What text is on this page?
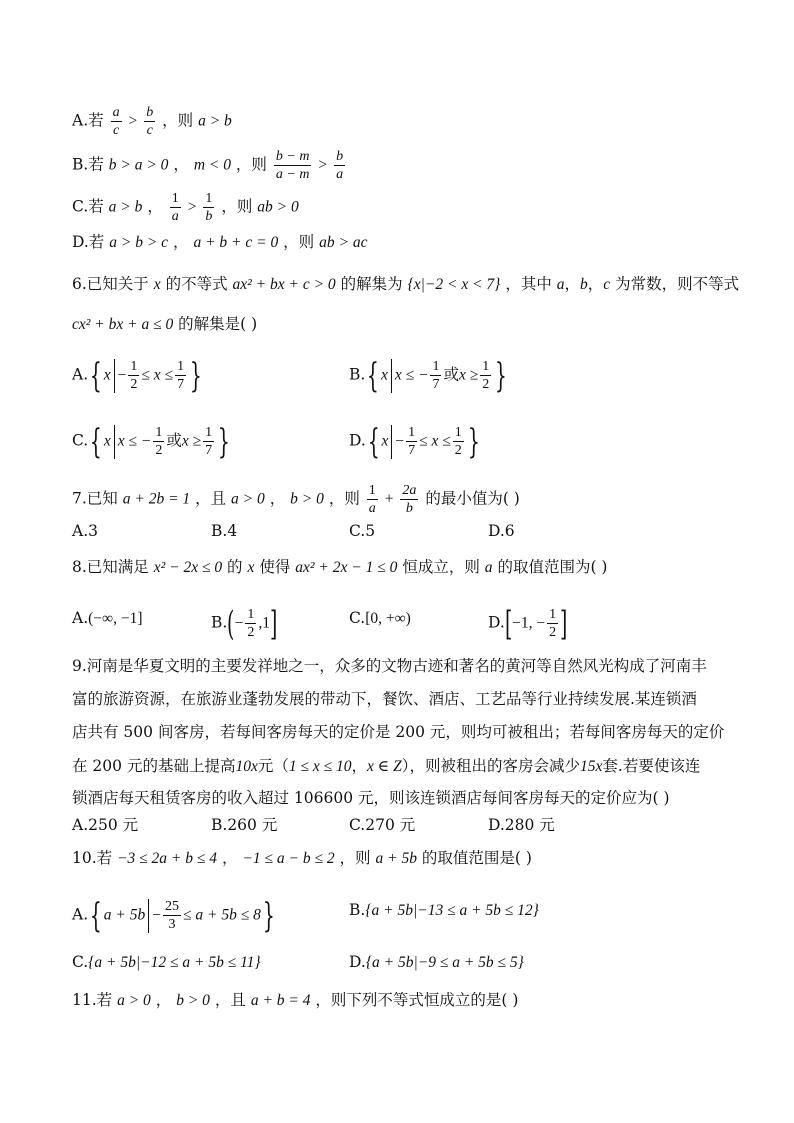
A.若 $\frac{a}{c} > \frac{b}{c}$ ，则 a > b
B.若 b > a > 0 ， m < 0 ，则 $\frac{b - m}{a - m} > \frac{b}{a}$
C.若 a > b ， $\frac{1}{a} > \frac{1}{b}$ ，则 ab > 0
D.若 a > b > c ， a + b + c = 0 ，则 ab > ac
6.已知关于 x 的不等式 ax² + bx + c > 0 的解集为 {x|−2 < x < 7} ，其中 a，b，c 为常数，则不等式
cx² + bx + a ≤ 0 的解集是( )
A.{ $x - \frac{1}{2} \le x \le \frac{1}{7}$ }	B.{ x x ≤ − $\frac{1}{7}$ 或$x \ge \frac{1}{2}$ }
C.{ x x ≤ − $\frac{1}{2}$ 或$x \ge \frac{1}{7}$ }	D.{ $x - \frac{1}{7} \le x \le \frac{1}{2}$ }
7.已知 a + 2b = 1 ，且 a > 0 ， b > 0 ，则 $\frac{1}{a} + \frac{2a}{b}$ 的最小值为( )
A.3	B.4	C.5	D.6
8.已知满足 x² − 2x ≤ 0 的 x 使得 ax² + 2x − 1 ≤ 0 恒成立，则 a 的取值范围为( )
A.(−∞, −1]	$B.(- \frac{1}{2} ,1]$	C.[0, +∞)	D.[−1, − $\frac{1}{2}$ ]
9.河南是华夏文明的主要发祥地之一，众多的文物古迹和著名的黄河等自然风光构成了河南丰
富的旅游资源，在旅游业蓬勃发展的带动下，餐饮、酒店、工艺品等行业持续发展.某连锁酒
店共有 500 间客房，若每间客房每天的定价是 200 元，则均可被租出；若每间客房每天的定价
在 200 元的基础上提高10x元（1 ≤ x ≤ 10，x ∈ Z），则被租出的客房会减少15x套.若要使该连
锁酒店每天租赁客房的收入超过 106600 元，则该连锁酒店每间客房每天的定价应为( )
A.250 元	B.260 元	C.270 元	D.280 元
10.若 −3 ≤ 2a + b ≤ 4 ， −1 ≤ a − b ≤ 2 ，则 a + 5b 的取值范围是( )
A.{ $a + 5b - \frac{25}{3} \le a + 5b \le 8$}	B.{a + 5b|−13 ≤ a + 5b ≤ 12}
C.{a + 5b|−12 ≤ a + 5b ≤ 11}	D.{a + 5b|−9 ≤ a + 5b ≤ 5}
11.若 a > 0 ， b > 0 ，且 a + b = 4 ，则下列不等式恒成立的是( )
